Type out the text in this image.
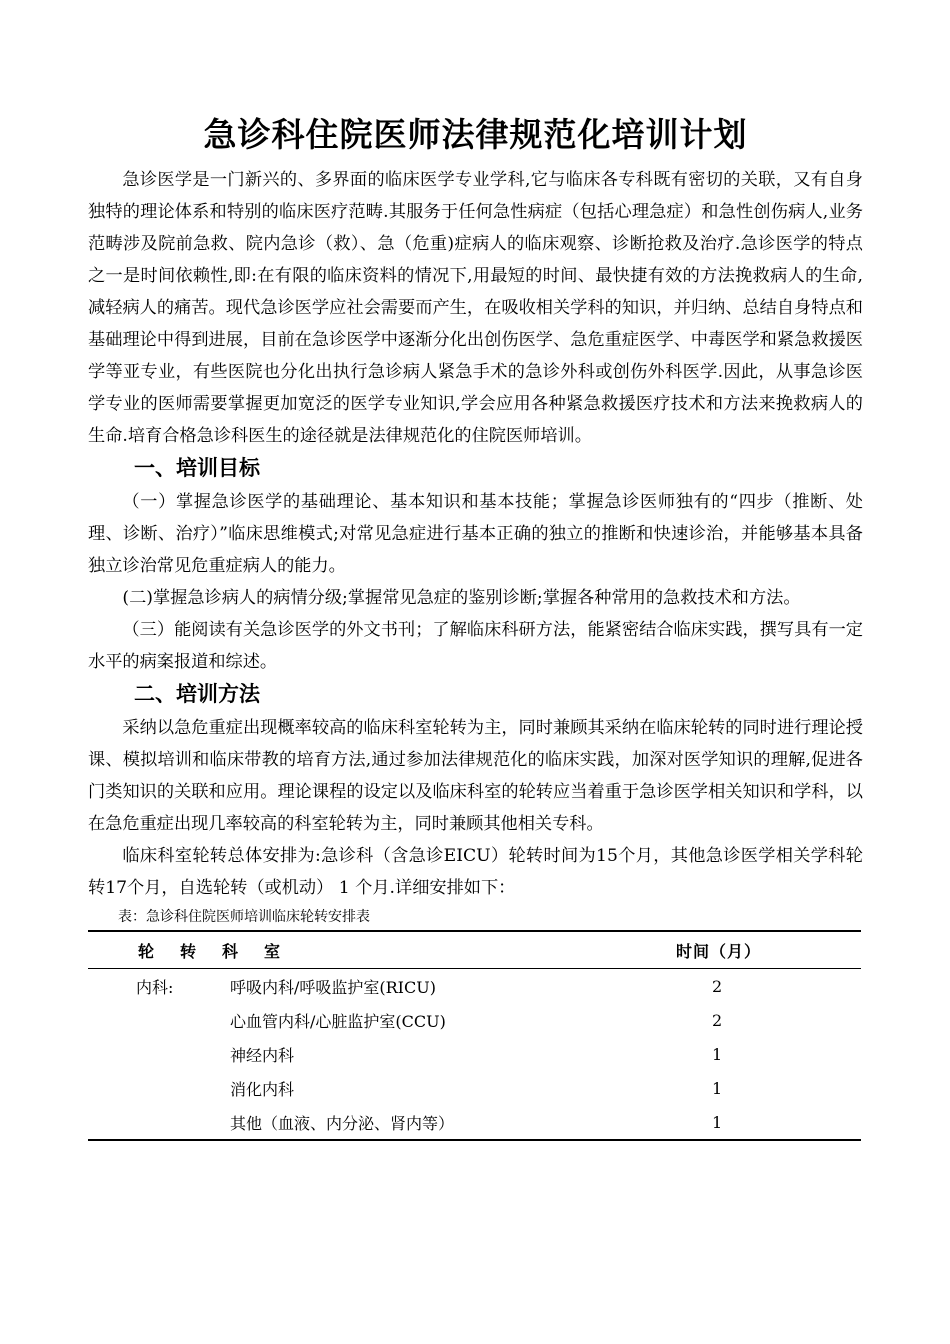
急诊科住院医师法律规范化培训计划

急诊医学是一门新兴的、多界面的临床医学专业学科,它与临床各专科既有密切的关联，又有自身独特的理论体系和特别的临床医疗范畴.其服务于任何急性病症（包括心理急症）和急性创伤病人,业务范畴涉及院前急救、院内急诊（救）、急（危重)症病人的临床观察、诊断抢救及治疗.急诊医学的特点之一是时间依赖性,即:在有限的临床资料的情况下,用最短的时间、最快捷有效的方法挽救病人的生命,减轻病人的痛苦。现代急诊医学应社会需要而产生，在吸收相关学科的知识，并归纳、总结自身特点和基础理论中得到进展，目前在急诊医学中逐渐分化出创伤医学、急危重症医学、中毒医学和紧急救援医学等亚专业，有些医院也分化出执行急诊病人紧急手术的急诊外科或创伤外科医学.因此，从事急诊医学专业的医师需要掌握更加宽泛的医学专业知识,学会应用各种紧急救援医疗技术和方法来挽救病人的生命.培育合格急诊科医生的途径就是法律规范化的住院医师培训。

一、培训目标

（一）掌握急诊医学的基础理论、基本知识和基本技能；掌握急诊医师独有的“四步（推断、处理、诊断、治疗）”临床思维模式;对常见急症进行基本正确的独立的推断和快速诊治，并能够基本具备独立诊治常见危重症病人的能力。

(二)掌握急诊病人的病情分级;掌握常见急症的鉴别诊断;掌握各种常用的急救技术和方法。

（三）能阅读有关急诊医学的外文书刊；了解临床科研方法，能紧密结合临床实践，撰写具有一定水平的病案报道和综述。

二、培训方法

采纳以急危重症出现概率较高的临床科室轮转为主，同时兼顾其采纳在临床轮转的同时进行理论授课、模拟培训和临床带教的培育方法,通过参加法律规范化的临床实践，加深对医学知识的理解,促进各门类知识的关联和应用。理论课程的设定以及临床科室的轮转应当着重于急诊医学相关知识和学科，以在急危重症出现几率较高的科室轮转为主，同时兼顾其他相关专科。

临床科室轮转总体安排为:急诊科（含急诊EICU）轮转时间为15个月，其他急诊医学相关学科轮转17个月，自选轮转（或机动） 1 个月.详细安排如下：

表：急诊科住院医师培训临床轮转安排表
轮转科室		时间（月）
内科:	呼吸内科/呼吸监护室(RICU)	2
	心血管内科/心脏监护室(CCU)	2
	神经内科	1
	消化内科	1
	其他（血液、内分泌、肾内等）	1
